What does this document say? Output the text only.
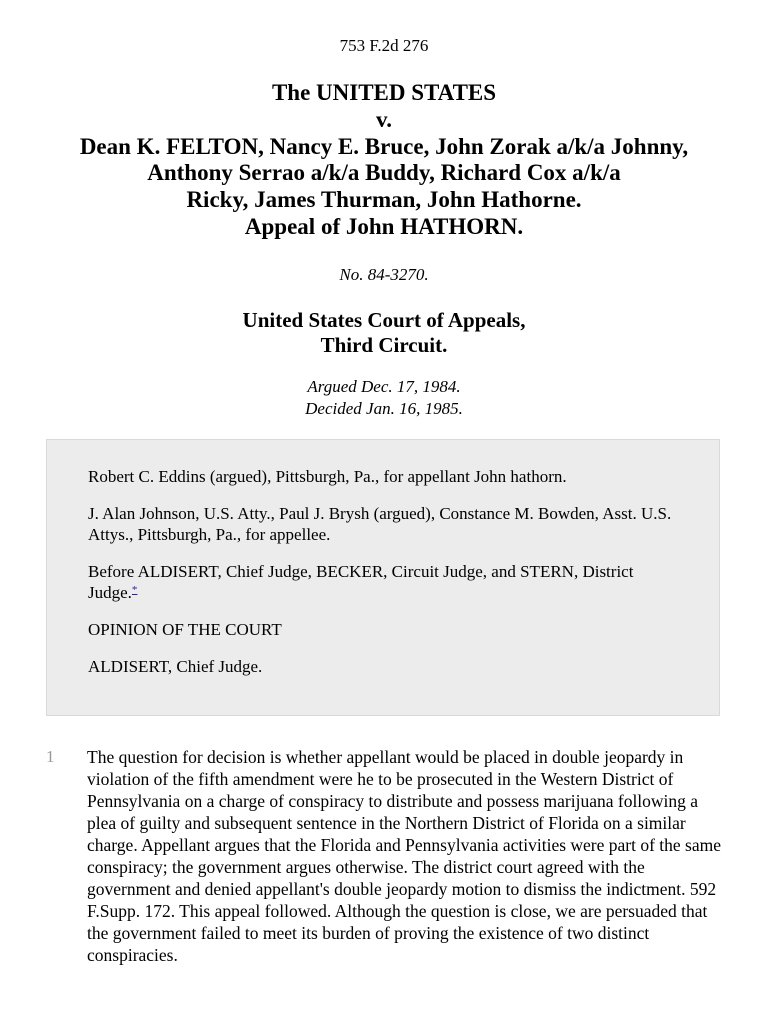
753 F.2d 276
The UNITED STATES
v.
Dean K. FELTON, Nancy E. Bruce, John Zorak a/k/a Johnny,
Anthony Serrao a/k/a Buddy, Richard Cox a/k/a
Ricky, James Thurman, John Hathorne.
Appeal of John HATHORN.
No. 84-3270.
United States Court of Appeals,
Third Circuit.
Argued Dec. 17, 1984.
Decided Jan. 16, 1985.

Robert C. Eddins (argued), Pittsburgh, Pa., for appellant John hathorn.

J. Alan Johnson, U.S. Atty., Paul J. Brysh (argued), Constance M. Bowden, Asst. U.S. Attys., Pittsburgh, Pa., for appellee.

Before ALDISERT, Chief Judge, BECKER, Circuit Judge, and STERN, District Judge.*

OPINION OF THE COURT

ALDISERT, Chief Judge.

1 The question for decision is whether appellant would be placed in double jeopardy in violation of the fifth amendment were he to be prosecuted in the Western District of Pennsylvania on a charge of conspiracy to distribute and possess marijuana following a plea of guilty and subsequent sentence in the Northern District of Florida on a similar charge. Appellant argues that the Florida and Pennsylvania activities were part of the same conspiracy; the government argues otherwise. The district court agreed with the government and denied appellant's double jeopardy motion to dismiss the indictment. 592 F.Supp. 172. This appeal followed. Although the question is close, we are persuaded that the government failed to meet its burden of proving the existence of two distinct conspiracies.
